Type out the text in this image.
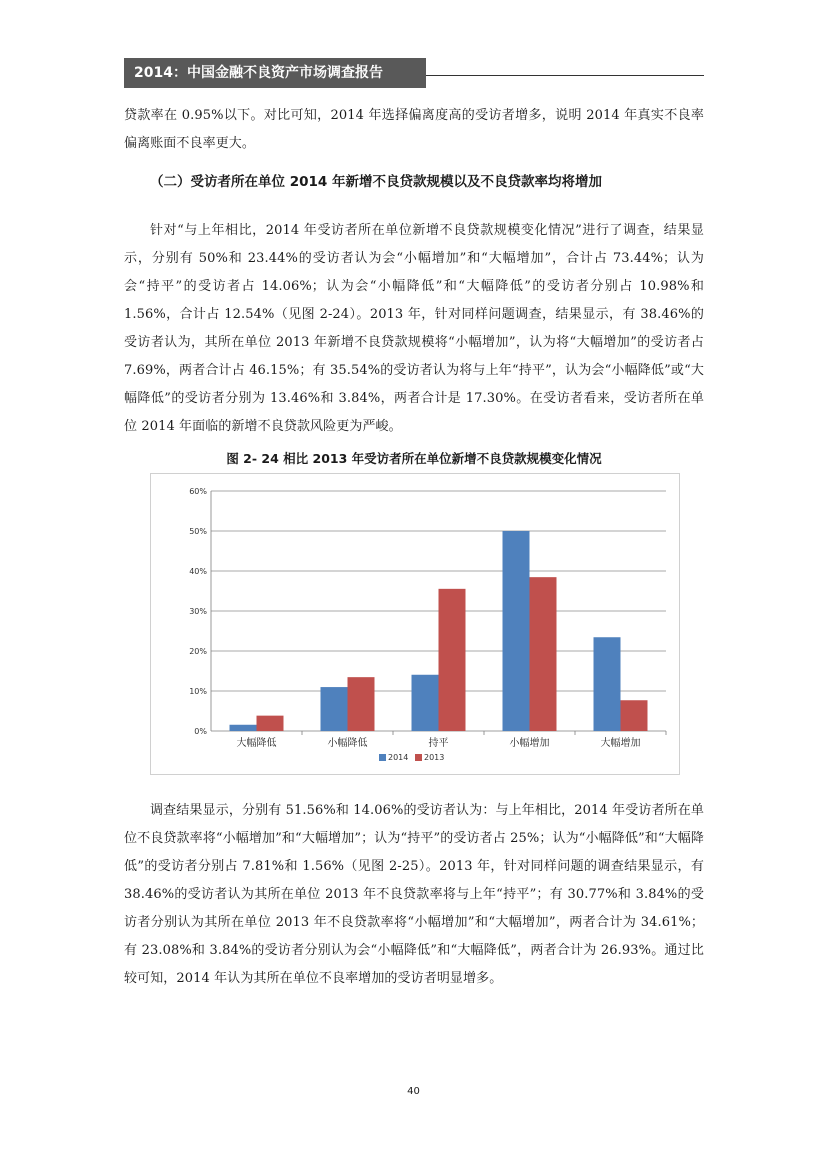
2014：中国金融不良资产市场调查报告

贷款率在 0.95%以下。对比可知，2014 年选择偏离度高的受访者增多，说明 2014 年真实不良率偏离账面不良率更大。

（二）受访者所在单位 2014 年新增不良贷款规模以及不良贷款率均将增加

针对“与上年相比，2014 年受访者所在单位新增不良贷款规模变化情况”进行了调查，结果显示，分别有 50%和 23.44%的受访者认为会“小幅增加”和“大幅增加”，合计占 73.44%；认为会“持平”的受访者占 14.06%；认为会“小幅降低”和“大幅降低”的受访者分别占 10.98%和 1.56%，合计占 12.54%（见图 2-24）。2013 年，针对同样问题调查，结果显示，有 38.46%的受访者认为，其所在单位 2013 年新增不良贷款规模将“小幅增加”，认为将“大幅增加”的受访者占 7.69%，两者合计占 46.15%；有 35.54%的受访者认为将与上年“持平”，认为会“小幅降低”或“大幅降低”的受访者分别为 13.46%和 3.84%，两者合计是 17.30%。在受访者看来，受访者所在单位 2014 年面临的新增不良贷款风险更为严峻。

图 2- 24 相比 2013 年受访者所在单位新增不良贷款规模变化情况
0%
10%
20%
30%
40%
50%
60%
大幅降低	小幅降低	持平	小幅增加	大幅增加
2014 2013

调查结果显示，分别有 51.56%和 14.06%的受访者认为：与上年相比，2014 年受访者所在单位不良贷款率将“小幅增加”和“大幅增加”；认为“持平”的受访者占 25%；认为“小幅降低”和“大幅降低”的受访者分别占 7.81%和 1.56%（见图 2-25）。2013 年，针对同样问题的调查结果显示，有 38.46%的受访者认为其所在单位 2013 年不良贷款率将与上年“持平”；有 30.77%和 3.84%的受访者分别认为其所在单位 2013 年不良贷款率将“小幅增加”和“大幅增加”，两者合计为 34.61%；有 23.08%和 3.84%的受访者分别认为会“小幅降低”和“大幅降低”，两者合计为 26.93%。通过比较可知，2014 年认为其所在单位不良率增加的受访者明显增多。

40
